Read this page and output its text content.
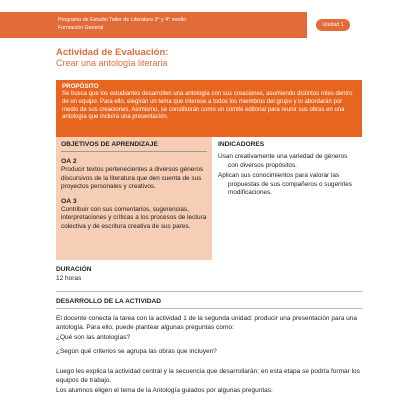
Programa de Estudio Taller de Literatura 3° y 4° medio
Formación General	Unidad 1
Actividad de Evaluación:
Crear una antología literaria
PROPÓSITO

Se busca que los estudiantes desarrollen una antología con sus creaciones, asumiendo distintos roles dentro de un equipo. Para ello, elegirán un tema que interese a todos los miembros del grupo y lo abordarán por medio de sus creaciones. Asimismo, se constituirán como un comité editorial para reunir sus obras en una antología que incluirá una presentación.

OBJETIVOS DE APRENDIZAJE
OA 2
Producir textos pertenecientes a diversos géneros discursivos de la literatura que den cuenta de sus proyectos personales y creativos.
OA 3
Contribuir con sus comentarios, sugerencias, interpretaciones y críticas a los procesos de lectura colectiva y de escritura creativa de sus pares.
INDICADORES
Usan creativamente una variedad de géneros con diversos propósitos.
Aplican sus conocimientos para valorar las propuestas de sus compañeros o sugerirles modificaciones.
DURACIÓN
12 horas
DESARROLLO DE LA ACTIVIDAD
El docente conecta la tarea con la actividad 1 de la segunda unidad: producir una presentación para una antología. Para ello, puede plantear algunas preguntas como:
¿Qué son las antologías?
¿Según qué criterios se agrupa las obras que incluyen?
Luego les explica la actividad central y la secuencia que desarrollarán; en esta etapa se podría formar los equipos de trabajo.
Los alumnos eligen el tema de la Antología guiados por algunas preguntas:
